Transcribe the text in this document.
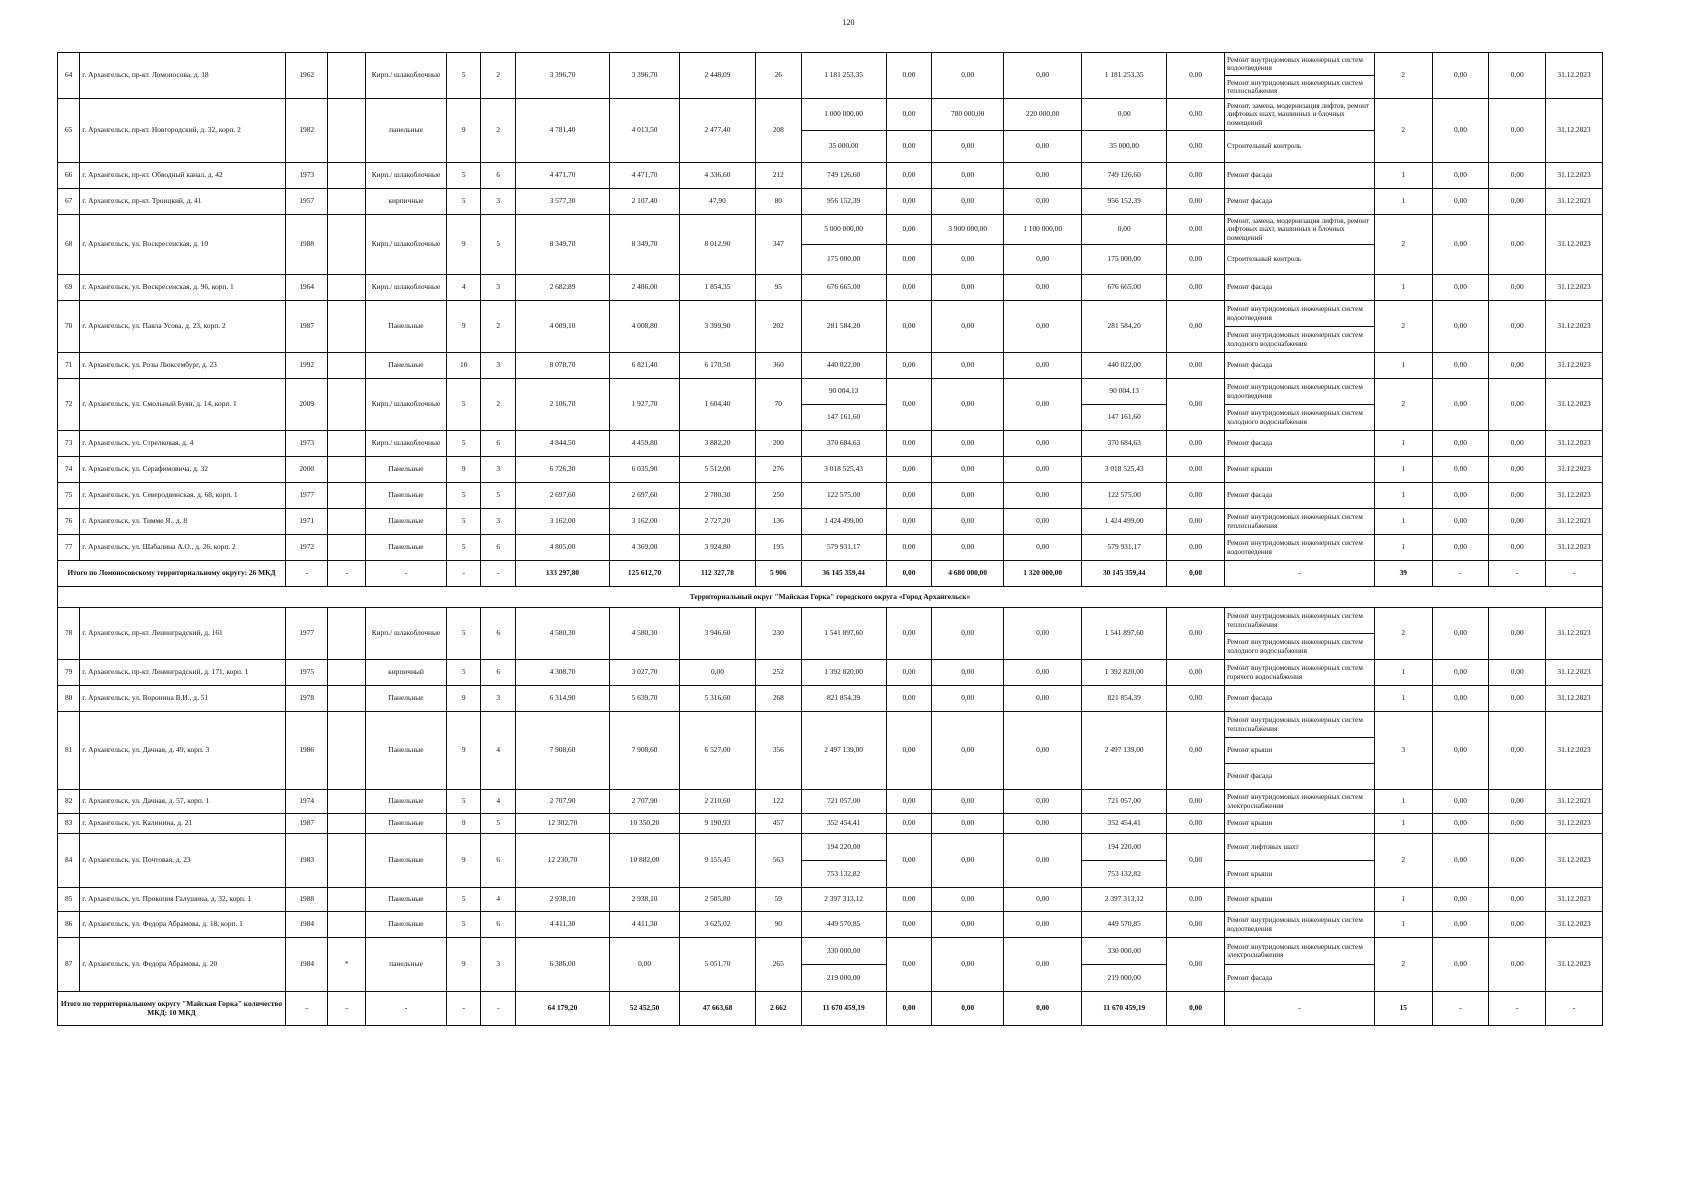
120
64	г. Архангельск, пр-кт. Ломоносова, д. 18	1962		Кирп./ шлакоблочные	5	2	3 396,70	3 396,70	2 448,09	26	1 181 253,35	0,00	0,00	0,00	1 181 253,35	0,00	Ремонт внутридомовых инженерных систем водоотведения	2	0,00	0,00	31.12.2023
																	Ремонт внутридомовых инженерных систем теплоснабжения				
65	г. Архангельск, пр-кт. Новгородский, д. 32, корп. 2	1982		панельные	9	2	4 781,40	4 013,50	2 477,40	208	1 000 000,00	0,00	780 000,00	220 000,00	0,00	0,00	Ремонт, замена, модернизация лифтов, ремонт лифтовых шахт, машинных и блочных помещений	2	0,00	0,00	31.12.2023
											35 000,00	0,00	0,00	0,00	35 000,00	0,00	Строительный контроль				
66	г. Архангельск, пр-кт. Обводный канал, д. 42	1973		Кирп./ шлакоблочные	5	6	4 471,70	4 471,70	4 336,60	212	749 126,60	0,00	0,00	0,00	749 126,60	0,00	Ремонт фасада	1	0,00	0,00	31.12.2023
67	г. Архангельск, пр-кт. Троицкий, д. 41	1957		кирпичные	5	3	3 577,30	2 107,40	47,90	80	956 152,39	0,00	0,00	0,00	956 152,39	0,00	Ремонт фасада	1	0,00	0,00	31.12.2023
68	г. Архангельск, ул. Воскресенская, д. 10	1988		Кирп./ шлакоблочные	9	5	8 349,70	8 349,70	8 012,90	347	5 000 000,00	0,00	3 900 000,00	1 100 000,00	0,00	0,00	Ремонт, замена, модернизация лифтов, ремонт лифтовых шахт, машинных и блочных помещений	2	0,00	0,00	31.12.2023
											175 000,00	0,00	0,00	0,00	175 000,00	0,00	Строительный контроль				
69	г. Архангельск, ул. Воскресенская, д. 96, корп. 1	1964		Кирп./ шлакоблочные	4	3	2 682,89	2 486,00	1 854,35	95	676 665,00	0,00	0,00	0,00	676 665,00	0,00	Ремонт фасада	1	0,00	0,00	31.12.2023
70	г. Архангельск, ул. Павла Усова, д. 23, корп. 2	1987		Панельные	9	2	4 009,10	4 008,80	3 399,90	202	281 584,20	0,00	0,00	0,00	281 584,20	0,00	Ремонт внутридомовых инженерных систем водоотведения	2	0,00	0,00	31.12.2023
																	Ремонт внутридомовых инженерных систем холодного водоснабжения				
71	г. Архангельск, ул. Розы Люксембург, д. 23	1992		Панельные	10	3	8 078,70	6 821,40	6 170,50	360	440 022,00	0,00	0,00	0,00	440 022,00	0,00	Ремонт фасада	1	0,00	0,00	31.12.2023
72	г. Архангельск, ул. Смольный Буян, д. 14, корп. 1	2009		Кирп./ шлакоблочные	5	2	2 106,70	1 927,70	1 604,40	70	90 004,13	0,00	0,00	0,00	90 004,13	0,00	Ремонт внутридомовых инженерных систем водоотведения	2	0,00	0,00	31.12.2023
											147 161,60				147 161,60		Ремонт внутридомовых инженерных систем холодного водоснабжения				
73	г. Архангельск, ул. Стрелковая, д. 4	1973		Кирп./ шлакоблочные	5	6	4 844,50	4 459,80	3 882,20	200	370 684,63	0,00	0,00	0,00	370 684,63	0,00	Ремонт фасада	1	0,00	0,00	31.12.2023
74	г. Архангельск, ул. Серафимовича, д. 32	2000		Панельные	9	3	6 726,30	6 035,90	5 512,00	276	3 018 525,43	0,00	0,00	0,00	3 018 525,43	0,00	Ремонт крыши	1	0,00	0,00	31.12.2023
75	г. Архангельск, ул. Северодвинская, д. 68, корп. 1	1977		Панельные	5	5	2 697,60	2 697,60	2 780,30	250	122 575,00	0,00	0,00	0,00	122 575,00	0,00	Ремонт фасада	1	0,00	0,00	31.12.2023
76	г. Архангельск, ул. Тимме Я., д. 8	1971		Панельные	5	3	3 162,00	3 162,00	2 727,20	136	1 424 499,00	0,00	0,00	0,00	1 424 499,00	0,00	Ремонт внутридомовых инженерных систем теплоснабжения	1	0,00	0,00	31.12.2023
77	г. Архангельск, ул. Шабалина А.О., д. 26, корп. 2	1972		Панельные	5	6	4 805,00	4 369,00	3 924,80	195	579 931,17	0,00	0,00	0,00	579 931,17	0,00	Ремонт внутридомовых инженерных систем водоотведения	1	0,00	0,00	31.12.2023
Итого по Ломоносовскому территориальному округу: 26 МКД		-	-	-	-	-	133 297,80	125 612,70	112 327,78	5 906	36 145 359,44	0,00	4 680 000,00	1 320 000,00	30 145 359,44	0,00	-	39	-	-	-
Территориальный округ "Майская Горка" городского округа «Город Архангельск»																					
78	г. Архангельск, пр-кт. Ленинградский, д. 161	1977		Кирп./ шлакоблочные	5	6	4 580,30	4 580,30	3 946,60	230	1 541 897,60	0,00	0,00	0,00	1 541 897,60	0,00	Ремонт внутридомовых инженерных систем теплоснабжения	2	0,00	0,00	31.12.2023
																	Ремонт внутридомовых инженерных систем холодного водоснабжения				
79	г. Архангельск, пр-кт. Ленинградский, д. 171, корп. 1	1975		кирпичный	5	6	4 308,70	3 027,70	0,00	252	1 392 820,00	0,00	0,00	0,00	1 392 820,00	0,00	Ремонт внутридомовых инженерных систем горячего водоснабжения	1	0,00	0,00	31.12.2023
80	г. Архангельск, ул. Воронина В.И., д. 51	1978		Панельные	9	3	6 314,90	5 639,70	5 316,60	268	821 854,39	0,00	0,00	0,00	821 854,39	0,00	Ремонт фасада	1	0,00	0,00	31.12.2023
81	г. Архангельск, ул. Дачная, д. 49, корп. 3	1986		Панельные	9	4	7 908,60	7 908,60	6 527,00	356	2 497 139,00	0,00	0,00	0,00	2 497 139,00	0,00	Ремонт внутридомовых инженерных систем теплоснабжения	3	0,00	0,00	31.12.2023
																	Ремонт крыши				
																	Ремонт фасада				
82	г. Архангельск, ул. Дачная, д. 57, корп. 1	1974		Панельные	5	4	2 707,90	2 707,90	2 210,60	122	721 057,00	0,00	0,00	0,00	721 057,00	0,00	Ремонт внутридомовых инженерных систем электроснабжения	1	0,00	0,00	31.12.2023
83	г. Архангельск, ул. Калинина, д. 21	1987		Панельные	9	5	12 302,70	10 350,20	9 190,93	457	352 454,41	0,00	0,00	0,00	352 454,41	0,00	Ремонт крыши	1	0,00	0,00	31.12.2023
84	г. Архангельск, ул. Почтовая, д. 23	1983		Панельные	9	6	12 230,70	10 882,00	9 155,45	563	194 220,00	0,00	0,00	0,00	194 220,00	0,00	Ремонт лифтовых шахт	2	0,00	0,00	31.12.2023
											753 132,82				753 132,82		Ремонт крыши				
85	г. Архангельск, ул. Прокопия Галушина, д. 32, корп. 1	1988		Панельные	5	4	2 938,10	2 938,10	2 505,80	59	2 397 313,12	0,00	0,00	0,00	2 397 313,12	0,00	Ремонт крыши	1	0,00	0,00	31.12.2023
86	г. Архангельск, ул. Федора Абрамова, д. 18, корп. 1	1984		Панельные	5	6	4 411,30	4 411,30	3 625,02	90	449 570,85	0,00	0,00	0,00	449 570,85	0,00	Ремонт внутридомовых инженерных систем водоотведения	1	0,00	0,00	31.12.2023
87	г. Архангельск, ул. Федора Абрамова, д. 20	1984	*	панельные	9	3	6 386,00	0,00	5 051,70	265	330 000,00	0,00	0,00	0,00	330 000,00	0,00	Ремонт внутридомовых инженерных систем электроснабжения	2	0,00	0,00	31.12.2023
											219 000,00				219 000,00		Ремонт фасада				
Итого по территориальному округу "Майская Горка" количество МКД: 10 МКД		-	-	-	-	-	64 179,20	52 452,50	47 663,68	2 662	11 670 459,19	0,00	0,00	0,00	11 670 459,19	0,00	-	15	-	-	-
